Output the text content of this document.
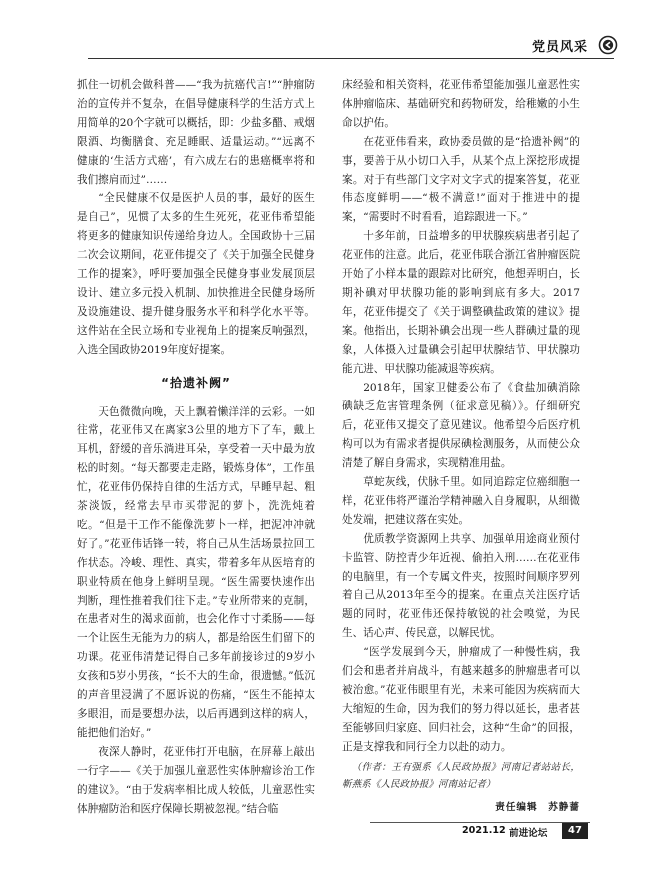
党员风采

抓住一切机会做科普——“我为抗癌代言!”“肿瘤防治的宣传并不复杂，在倡导健康科学的生活方式上用简单的20个字就可以概括，即：少盐多醋、戒烟限酒、均衡膳食、充足睡眠、适量运动。”“远离不健康的‘生活方式癌’，有六成左右的患癌概率将和我们擦肩而过”……

“全民健康不仅是医护人员的事，最好的医生是自己”，见惯了太多的生生死死，花亚伟希望能将更多的健康知识传递给身边人。全国政协十三届二次会议期间，花亚伟提交了《关于加强全民健身工作的提案》，呼吁要加强全民健身事业发展顶层设计、建立多元投入机制、加快推进全民健身场所及设施建设、提升健身服务水平和科学化水平等。这件站在全民立场和专业视角上的提案反响强烈，入选全国政协2019年度好提案。

“拾遗补阙”

天色微微向晚，天上飘着懒洋洋的云彩。一如往常，花亚伟又在离家3公里的地方下了车，戴上耳机，舒缓的音乐淌进耳朵，享受着一天中最为放松的时刻。“每天都要走走路，锻炼身体”，工作虽忙，花亚伟仍保持自律的生活方式，早睡早起、粗茶淡饭，经常去早市买带泥的萝卜，洗洗炖着吃。“但是干工作不能像洗萝卜一样，把泥冲冲就好了。”花亚伟话锋一转，将自己从生活场景拉回工作状态。冷峻、理性、真实，带着多年从医培育的职业特质在他身上鲜明呈现。“医生需要快速作出判断，理性推着我们往下走。”专业所带来的克制，在患者对生的渴求面前，也会化作寸寸柔肠——每一个让医生无能为力的病人，都是给医生们留下的功课。花亚伟清楚记得自己多年前接诊过的9岁小女孩和5岁小男孩，“长不大的生命，很遗憾。”低沉的声音里浸满了不愿诉说的伤痛，“医生不能掉太多眼泪，而是要想办法，以后再遇到这样的病人，能把他们治好。”

夜深人静时，花亚伟打开电脑，在屏幕上敲出一行字——《关于加强儿童恶性实体肿瘤诊治工作的建议》。“由于发病率相比成人较低，儿童恶性实体肿瘤防治和医疗保障长期被忽视。”结合临

床经验和相关资料，花亚伟希望能加强儿童恶性实体肿瘤临床、基础研究和药物研发，给稚嫩的小生命以护佑。

在花亚伟看来，政协委员做的是“拾遗补阙”的事，要善于从小切口入手，从某个点上深挖形成提案。对于有些部门文字对文字式的提案答复，花亚伟态度鲜明——“极不满意!”面对于推进中的提案，“需要时不时看看，追踪跟进一下。”

十多年前，日益增多的甲状腺疾病患者引起了花亚伟的注意。此后，花亚伟联合浙江省肿瘤医院开始了小样本量的跟踪对比研究，他想弄明白，长期补碘对甲状腺功能的影响到底有多大。2017年，花亚伟提交了《关于调整碘盐政策的建议》提案。他指出，长期补碘会出现一些人群碘过量的现象，人体摄入过量碘会引起甲状腺结节、甲状腺功能亢进、甲状腺功能减退等疾病。

2018年，国家卫健委公布了《食盐加碘消除碘缺乏危害管理条例（征求意见稿）》。仔细研究后，花亚伟又提交了意见建议。他希望今后医疗机构可以为有需求者提供尿碘检测服务，从而使公众清楚了解自身需求，实现精准用盐。

草蛇灰线，伏脉千里。如同追踪定位癌细胞一样，花亚伟将严谨治学精神融入自身履职，从细微处发端，把建议落在实处。

优质教学资源网上共享、加强单用途商业预付卡监管、防控青少年近视、偷拍入刑……在花亚伟的电脑里，有一个专属文件夹，按照时间顺序罗列着自己从2013年至今的提案。在重点关注医疗话题的同时，花亚伟还保持敏锐的社会嗅觉，为民生、话心声、传民意，以解民忧。

“医学发展到今天，肿瘤成了一种慢性病，我们会和患者并肩战斗，有越来越多的肿瘤患者可以被治愈。”花亚伟眼里有光，未来可能因为疾病而大大缩短的生命，因为我们的努力得以延长，患者甚至能够回归家庭、回归社会，这种“生命”的回报，正是支撑我和同行全力以赴的动力。

（作者：王有强系《人民政协报》河南记者站站长，靳燕系《人民政协报》河南站记者）
责任编辑　苏静蔷
2021.12 前进论坛	47
